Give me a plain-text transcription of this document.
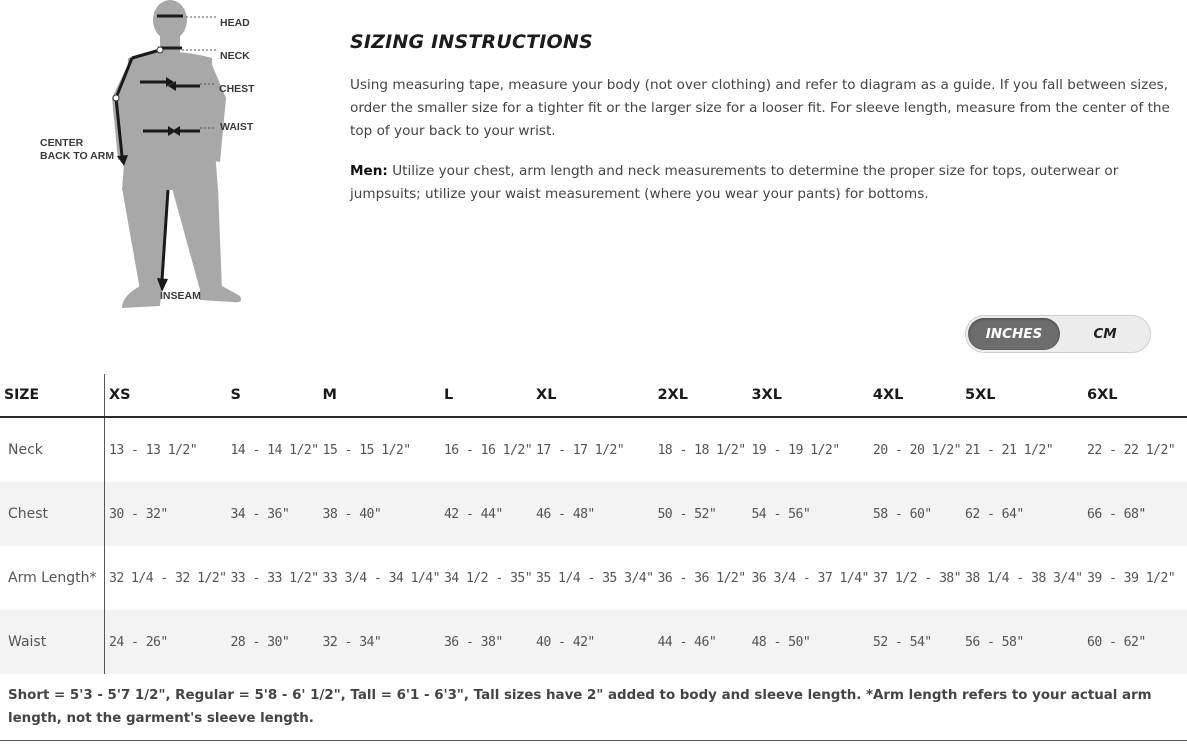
HEAD
NECK
CHEST
WAIST
CENTER
BACK TO ARM
INSEAM
SIZING INSTRUCTIONS
Using measuring tape, measure your body (not over clothing) and refer to diagram as a guide. If you fall between sizes, order the smaller size for a tighter fit or the larger size for a looser fit. For sleeve length, measure from the center of the top of your back to your wrist.
Men: Utilize your chest, arm length and neck measurements to determine the proper size for tops, outerwear or jumpsuits; utilize your waist measurement (where you wear your pants) for bottoms.
INCHES	CM
SIZE	XS	S	M	L	XL	2XL	3XL	4XL	5XL	6XL
Neck	13 - 13 1/2"	14 - 14 1/2"	15 - 15 1/2"	16 - 16 1/2"	17 - 17 1/2"	18 - 18 1/2"	19 - 19 1/2"	20 - 20 1/2"	21 - 21 1/2"	22 - 22 1/2"
Chest	30 - 32"	34 - 36"	38 - 40"	42 - 44"	46 - 48"	50 - 52"	54 - 56"	58 - 60"	62 - 64"	66 - 68"
Arm Length*	32 1/4 - 32 1/2"	33 - 33 1/2"	33 3/4 - 34 1/4"	34 1/2 - 35"	35 1/4 - 35 3/4"	36 - 36 1/2"	36 3/4 - 37 1/4"	37 1/2 - 38"	38 1/4 - 38 3/4"	39 - 39 1/2"
Waist	24 - 26"	28 - 30"	32 - 34"	36 - 38"	40 - 42"	44 - 46"	48 - 50"	52 - 54"	56 - 58"	60 - 62"
Short = 5'3 - 5'7 1/2", Regular = 5'8 - 6' 1/2", Tall = 6'1 - 6'3", Tall sizes have 2" added to body and sleeve length. *Arm length refers to your actual arm length, not the garment's sleeve length.
